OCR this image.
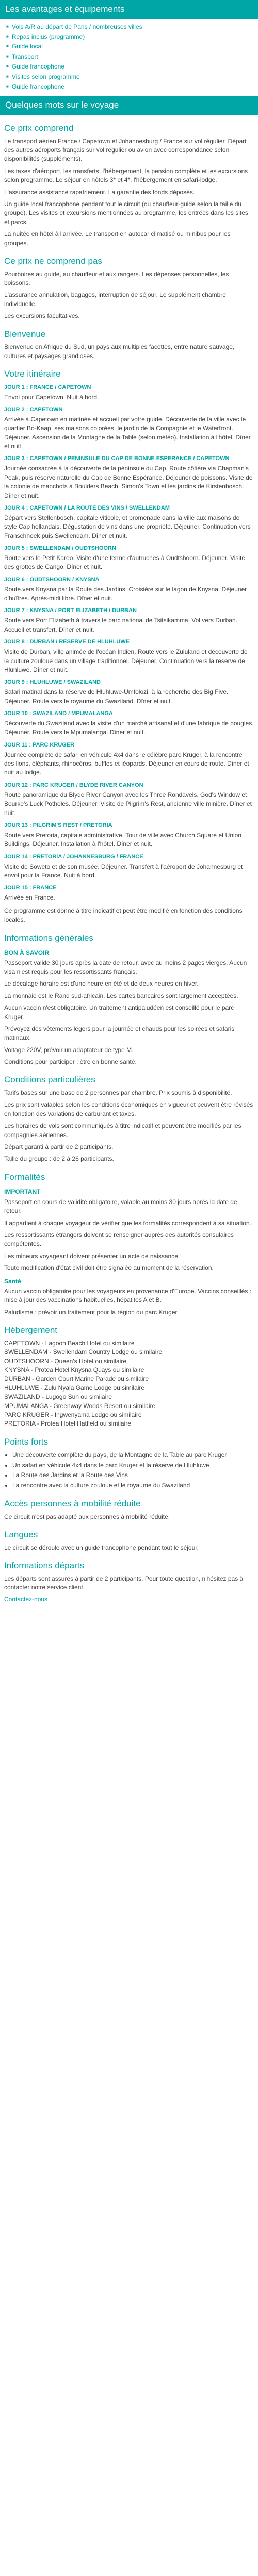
Les avantages et équipements
■ Vols A/R au départ de Paris / nombreuses villes
■ Repas inclus (programme)
■ Guide local
■ Transport
■ Guide francophone
■ Visites selon programme
■ Guide francophone
Quelques mots sur le voyage
Ce prix comprend

Le transport aérien France / Capetown et Johannesburg / France sur vol régulier. Départ des autres aéroports français sur vol régulier ou avion avec correspondance selon disponibilités (suppléments).

Les taxes d'aéroport, les transferts, l'hébergement, la pension complète et les excursions selon programme. Le séjour en hôtels 3* et 4*, l'hébergement en safari-lodge.

L'assurance assistance rapatriement. La garantie des fonds déposés.

Un guide local francophone pendant tout le circuit (ou chauffeur-guide selon la taille du groupe). Les visites et excursions mentionnées au programme, les entrées dans les sites et parcs.

La nuitée en hôtel à l'arrivée. Le transport en autocar climatisé ou minibus pour les groupes.

Ce prix ne comprend pas

Pourboires au guide, au chauffeur et aux rangers. Les dépenses personnelles, les boissons.

L'assurance annulation, bagages, interruption de séjour. Le supplément chambre individuelle.

Les excursions facultatives.

Bienvenue

Bienvenue en Afrique du Sud, un pays aux multiples facettes, entre nature sauvage, cultures et paysages grandioses.

Votre itinéraire
JOUR 1 : FRANCE / CAPETOWN

Envol pour Capetown. Nuit à bord.

JOUR 2 : CAPETOWN

Arrivée à Capetown en matinée et accueil par votre guide. Découverte de la ville avec le quartier Bo-Kaap, ses maisons colorées, le jardin de la Compagnie et le Waterfront. Déjeuner. Ascension de la Montagne de la Table (selon météo). Installation à l'hôtel. Dîner et nuit.

JOUR 3 : CAPETOWN / PENINSULE DU CAP DE BONNE ESPERANCE / CAPETOWN

Journée consacrée à la découverte de la péninsule du Cap. Route côtière via Chapman's Peak, puis réserve naturelle du Cap de Bonne Espérance. Déjeuner de poissons. Visite de la colonie de manchots à Boulders Beach, Simon's Town et les jardins de Kirstenbosch. Dîner et nuit.

JOUR 4 : CAPETOWN / LA ROUTE DES VINS / SWELLENDAM

Départ vers Stellenbosch, capitale viticole, et promenade dans la ville aux maisons de style Cap hollandais. Dégustation de vins dans une propriété. Déjeuner. Continuation vers Franschhoek puis Swellendam. Dîner et nuit.

JOUR 5 : SWELLENDAM / OUDTSHOORN

Route vers le Petit Karoo. Visite d'une ferme d'autruches à Oudtshoorn. Déjeuner. Visite des grottes de Cango. Dîner et nuit.

JOUR 6 : OUDTSHOORN / KNYSNA

Route vers Knysna par la Route des Jardins. Croisière sur le lagon de Knysna. Déjeuner d'huîtres. Après-midi libre. Dîner et nuit.

JOUR 7 : KNYSNA / PORT ELIZABETH / DURBAN

Route vers Port Elizabeth à travers le parc national de Tsitsikamma. Vol vers Durban. Accueil et transfert. Dîner et nuit.

JOUR 8 : DURBAN / RESERVE DE HLUHLUWE

Visite de Durban, ville animée de l'océan Indien. Route vers le Zululand et découverte de la culture zouloue dans un village traditionnel. Déjeuner. Continuation vers la réserve de Hluhluwe. Dîner et nuit.

JOUR 9 : HLUHLUWE / SWAZILAND

Safari matinal dans la réserve de Hluhluwe-Umfolozi, à la recherche des Big Five. Déjeuner. Route vers le royaume du Swaziland. Dîner et nuit.

JOUR 10 : SWAZILAND / MPUMALANGA

Découverte du Swaziland avec la visite d'un marché artisanal et d'une fabrique de bougies. Déjeuner. Route vers le Mpumalanga. Dîner et nuit.

JOUR 11 : PARC KRUGER

Journée complète de safari en véhicule 4x4 dans le célèbre parc Kruger, à la rencontre des lions, éléphants, rhinocéros, buffles et léopards. Déjeuner en cours de route. Dîner et nuit au lodge.

JOUR 12 : PARC KRUGER / BLYDE RIVER CANYON

Route panoramique du Blyde River Canyon avec les Three Rondavels, God's Window et Bourke's Luck Potholes. Déjeuner. Visite de Pilgrim's Rest, ancienne ville minière. Dîner et nuit.

JOUR 13 : PILGRIM'S REST / PRETORIA

Route vers Pretoria, capitale administrative. Tour de ville avec Church Square et Union Buildings. Déjeuner. Installation à l'hôtel. Dîner et nuit.

JOUR 14 : PRETORIA / JOHANNESBURG / FRANCE

Visite de Soweto et de son musée. Déjeuner. Transfert à l'aéroport de Johannesburg et envol pour la France. Nuit à bord.

JOUR 15 : FRANCE

Arrivée en France.

Ce programme est donné à titre indicatif et peut être modifié en fonction des conditions locales.

Informations générales
BON À SAVOIR

Passeport valide 30 jours après la date de retour, avec au moins 2 pages vierges. Aucun visa n'est requis pour les ressortissants français.

Le décalage horaire est d'une heure en été et de deux heures en hiver.

La monnaie est le Rand sud-africain. Les cartes bancaires sont largement acceptées.

Aucun vaccin n'est obligatoire. Un traitement antipaludéen est conseillé pour le parc Kruger.

Prévoyez des vêtements légers pour la journée et chauds pour les soirées et safaris matinaux.

Voltage 220V, prévoir un adaptateur de type M.

Conditions pour participer : être en bonne santé.

Conditions particulières

Tarifs basés sur une base de 2 personnes par chambre. Prix soumis à disponibilité.

Les prix sont valables selon les conditions économiques en vigueur et peuvent être révisés en fonction des variations de carburant et taxes.

Les horaires de vols sont communiqués à titre indicatif et peuvent être modifiés par les compagnies aériennes.

Départ garanti à partir de 2 participants.

Taille du groupe : de 2 à 26 participants.

Formalités
IMPORTANT

Passeport en cours de validité obligatoire, valable au moins 30 jours après la date de retour.

Il appartient à chaque voyageur de vérifier que les formalités correspondent à sa situation.

Les ressortissants étrangers doivent se renseigner auprès des autorités consulaires compétentes.

Les mineurs voyageant doivent présenter un acte de naissance.

Toute modification d'état civil doit être signalée au moment de la réservation.

Santé

Aucun vaccin obligatoire pour les voyageurs en provenance d'Europe. Vaccins conseillés : mise à jour des vaccinations habituelles, hépatites A et B.

Paludisme : prévoir un traitement pour la région du parc Kruger.

Hébergement
CAPETOWN - Lagoon Beach Hotel ou similaire
SWELLENDAM - Swellendam Country Lodge ou similaire
OUDTSHOORN - Queen's Hotel ou similaire
KNYSNA - Protea Hotel Knysna Quays ou similaire
DURBAN - Garden Court Marine Parade ou similaire
HLUHLUWE - Zulu Nyala Game Lodge ou similaire
SWAZILAND - Lugogo Sun ou similaire
MPUMALANGA - Greenway Woods Resort ou similaire
PARC KRUGER - Ingwenyama Lodge ou similaire
PRETORIA - Protea Hotel Hatfield ou similaire
Points forts
• Une découverte complète du pays, de la Montagne de la Table au parc Kruger
• Un safari en véhicule 4x4 dans le parc Kruger et la réserve de Hluhluwe
• La Route des Jardins et la Route des Vins
• La rencontre avec la culture zouloue et le royaume du Swaziland
Accès personnes à mobilité réduite

Ce circuit n'est pas adapté aux personnes à mobilité réduite.

Langues

Le circuit se déroule avec un guide francophone pendant tout le séjour.

Informations départs

Les départs sont assurés à partir de 2 participants. Pour toute question, n'hésitez pas à contacter notre service client.

Contactez-nous
